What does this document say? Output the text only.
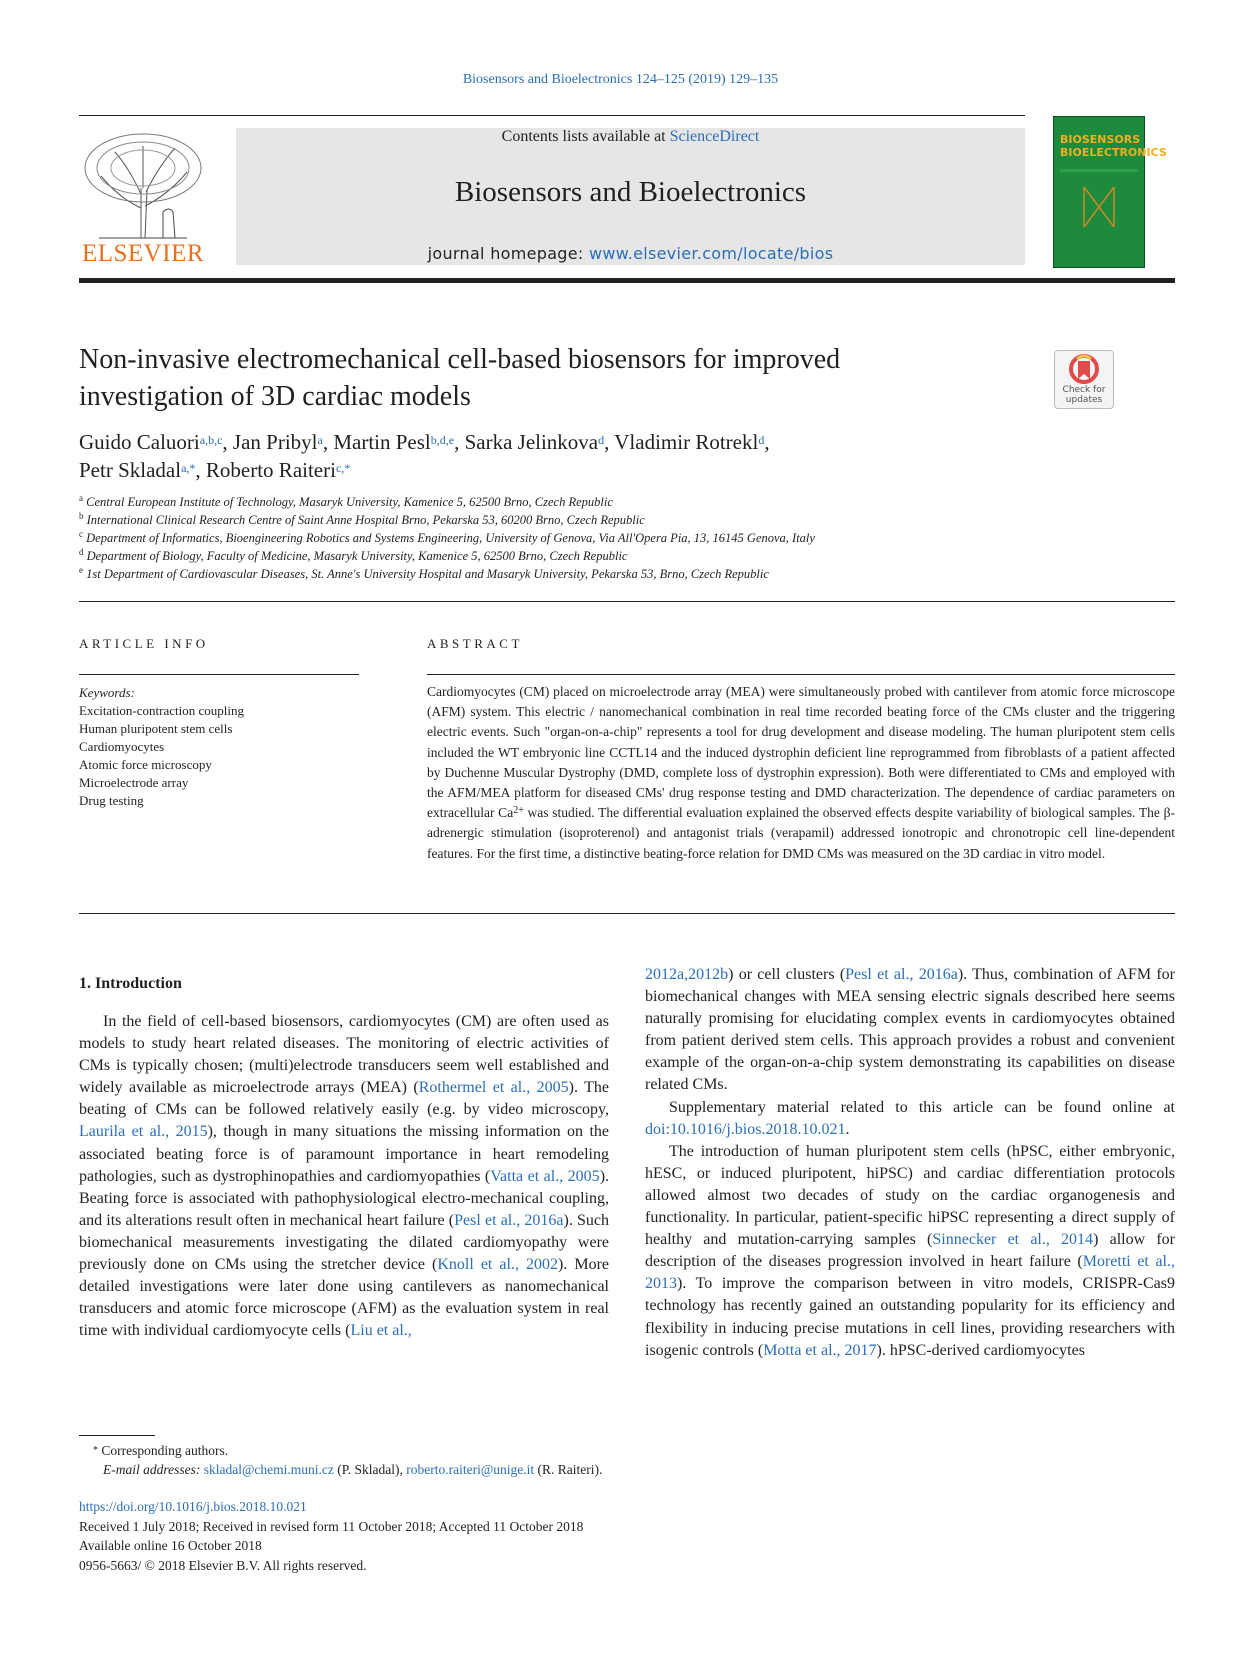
Biosensors and Bioelectronics 124–125 (2019) 129–135
ELSEVIER
Contents lists available at ScienceDirect
Biosensors and Bioelectronics
journal homepage: www.elsevier.com/locate/bios
BIOSENSORS BIOELECTRONICS
Non-invasive electromechanical cell-based biosensors for improved investigation of 3D cardiac models	Check for updates
Guido Caluori$^{a,b,c}$, Jan Pribyl$^a$, Martin Pesl$^{b,d,e}$, Sarka Jelinkova$^d$, Vladimir Rotrekl$^d$,
Petr Skladal$^{a,*}$, Roberto Raiteri$^{c,*}$
$^a$ Central European Institute of Technology, Masaryk University, Kamenice 5, 62500 Brno, Czech Republic
$^b$ International Clinical Research Centre of Saint Anne Hospital Brno, Pekarska 53, 60200 Brno, Czech Republic
$^c$ Department of Informatics, Bioengineering Robotics and Systems Engineering, University of Genova, Via All'Opera Pia, 13, 16145 Genova, Italy
$^d$ Department of Biology, Faculty of Medicine, Masaryk University, Kamenice 5, 62500 Brno, Czech Republic
$^e$ 1st Department of Cardiovascular Diseases, St. Anne's University Hospital and Masaryk University, Pekarska 53, Brno, Czech Republic
ARTICLE INFO	ABSTRACT
Keywords:
Excitation-contraction coupling
Human pluripotent stem cells
Cardiomyocytes
Atomic force microscopy
Microelectrode array
Drug testing
Cardiomyocytes (CM) placed on microelectrode array (MEA) were simultaneously probed with cantilever from atomic force microscope (AFM) system. This electric / nanomechanical combination in real time recorded beating force of the CMs cluster and the triggering electric events. Such "organ-on-a-chip" represents a tool for drug development and disease modeling. The human pluripotent stem cells included the WT embryonic line CCTL14 and the induced dystrophin deficient line reprogrammed from fibroblasts of a patient affected by Duchenne Muscular Dystrophy (DMD, complete loss of dystrophin expression). Both were differentiated to CMs and employed with the AFM/MEA platform for diseased CMs' drug response testing and DMD characterization. The dependence of cardiac parameters on extracellular $Ca^{2+}$ was studied. The differential evaluation explained the observed effects despite variability of biological samples. The β-adrenergic stimulation (isoproterenol) and antagonist trials (verapamil) addressed ionotropic and chronotropic cell line-dependent features. For the first time, a distinctive beating-force relation for DMD CMs was measured on the 3D cardiac in vitro model.
1. Introduction

In the field of cell-based biosensors, cardiomyocytes (CM) are often used as models to study heart related diseases. The monitoring of electric activities of CMs is typically chosen; (multi)electrode transducers seem well established and widely available as microelectrode arrays (MEA) (Rothermel et al., 2005). The beating of CMs can be followed relatively easily (e.g. by video microscopy, Laurila et al., 2015), though in many situations the missing information on the associated beating force is of paramount importance in heart remodeling pathologies, such as dystrophinopathies and cardiomyopathies (Vatta et al., 2005). Beating force is associated with pathophysiological electro-mechanical coupling, and its alterations result often in mechanical heart failure (Pesl et al., 2016a). Such biomechanical measurements investigating the dilated cardiomyopathy were previously done on CMs using the stretcher device (Knoll et al., 2002). More detailed investigations were later done using cantilevers as nanomechanical transducers and atomic force microscope (AFM) as the evaluation system in real time with individual cardiomyocyte cells (Liu et al.,

2012a,2012b) or cell clusters (Pesl et al., 2016a). Thus, combination of AFM for biomechanical changes with MEA sensing electric signals described here seems naturally promising for elucidating complex events in cardiomyocytes obtained from patient derived stem cells. This approach provides a robust and convenient example of the organ-on-a-chip system demonstrating its capabilities on disease related CMs.

Supplementary material related to this article can be found online at doi:10.1016/j.bios.2018.10.021.

The introduction of human pluripotent stem cells (hPSC, either embryonic, hESC, or induced pluripotent, hiPSC) and cardiac differentiation protocols allowed almost two decades of study on the cardiac organogenesis and functionality. In particular, patient-specific hiPSC representing a direct supply of healthy and mutation-carrying samples (Sinnecker et al., 2014) allow for description of the diseases progression involved in heart failure (Moretti et al., 2013). To improve the comparison between in vitro models, CRISPR-Cas9 technology has recently gained an outstanding popularity for its efficiency and flexibility in inducing precise mutations in cell lines, providing researchers with isogenic controls (Motta et al., 2017). hPSC-derived cardiomyocytes

* Corresponding authors.
E-mail addresses: skladal@chemi.muni.cz (P. Skladal), roberto.raiteri@unige.it (R. Raiteri).
https://doi.org/10.1016/j.bios.2018.10.021
Received 1 July 2018; Received in revised form 11 October 2018; Accepted 11 October 2018
Available online 16 October 2018
0956-5663/ © 2018 Elsevier B.V. All rights reserved.
